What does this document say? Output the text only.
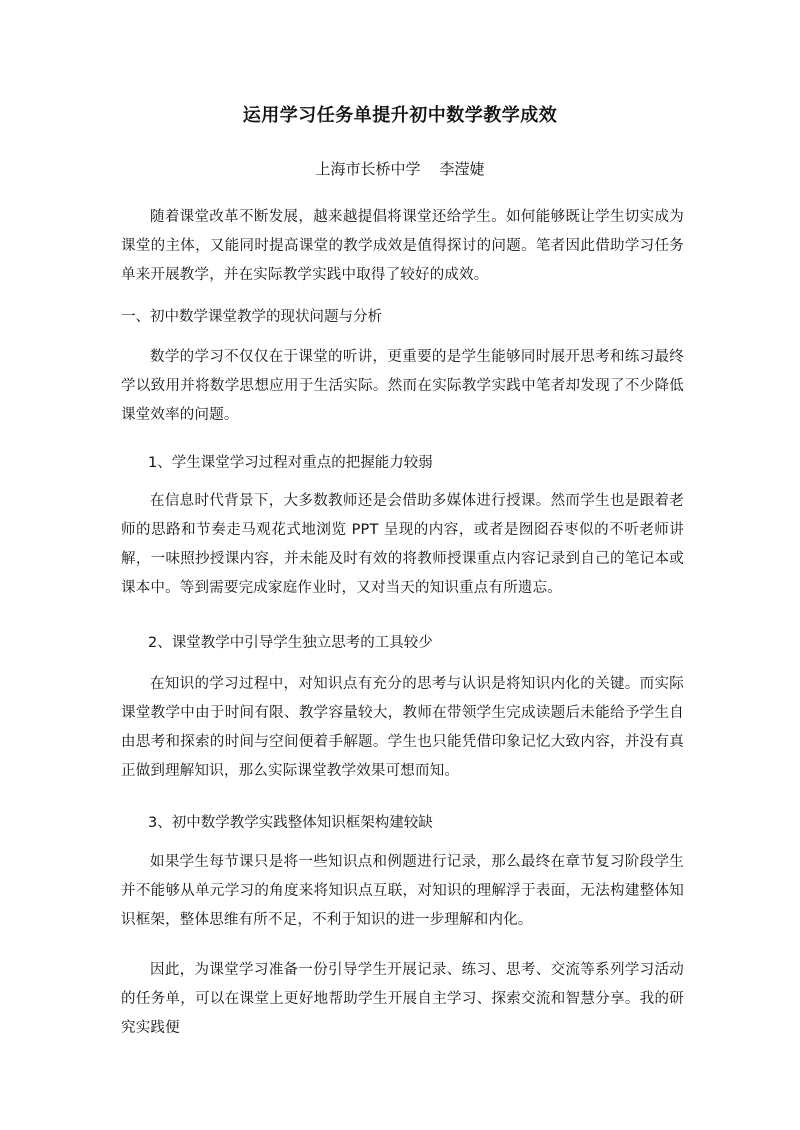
运用学习任务单提升初中数学教学成效

上海市长桥中学    李滢婕

随着课堂改革不断发展，越来越提倡将课堂还给学生。如何能够既让学生切实成为课堂的主体，又能同时提高课堂的教学成效是值得探讨的问题。笔者因此借助学习任务单来开展教学，并在实际教学实践中取得了较好的成效。

一、初中数学课堂教学的现状问题与分析

数学的学习不仅仅在于课堂的听讲，更重要的是学生能够同时展开思考和练习最终学以致用并将数学思想应用于生活实际。然而在实际教学实践中笔者却发现了不少降低课堂效率的问题。

1、学生课堂学习过程对重点的把握能力较弱

在信息时代背景下，大多数教师还是会借助多媒体进行授课。然而学生也是跟着老师的思路和节奏走马观花式地浏览 PPT 呈现的内容，或者是囫囵吞枣似的不听老师讲解，一味照抄授课内容，并未能及时有效的将教师授课重点内容记录到自己的笔记本或课本中。等到需要完成家庭作业时，又对当天的知识重点有所遗忘。

2、课堂教学中引导学生独立思考的工具较少

在知识的学习过程中，对知识点有充分的思考与认识是将知识内化的关键。而实际课堂教学中由于时间有限、教学容量较大，教师在带领学生完成读题后未能给予学生自由思考和探索的时间与空间便着手解题。学生也只能凭借印象记忆大致内容，并没有真正做到理解知识，那么实际课堂教学效果可想而知。

3、初中数学教学实践整体知识框架构建较缺

如果学生每节课只是将一些知识点和例题进行记录，那么最终在章节复习阶段学生并不能够从单元学习的角度来将知识点互联，对知识的理解浮于表面，无法构建整体知识框架，整体思维有所不足，不利于知识的进一步理解和内化。

因此，为课堂学习准备一份引导学生开展记录、练习、思考、交流等系列学习活动的任务单，可以在课堂上更好地帮助学生开展自主学习、探索交流和智慧分享。我的研究实践便
